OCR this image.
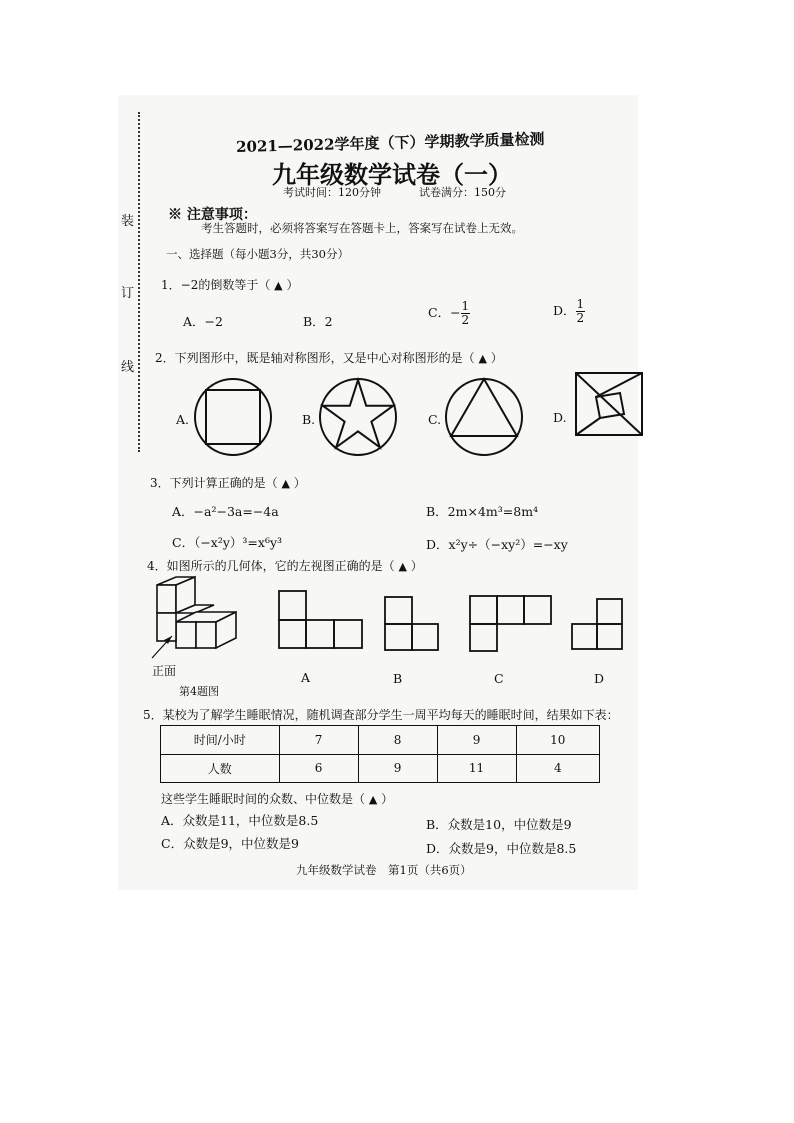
装
订
线
2021—2022学年度（下）学期教学质量检测
九年级数学试卷（一）
考试时间：120分钟	试卷满分：150分
※ 注意事项：
考生答题时，必须将答案写在答题卡上，答案写在试卷上无效。
一、选择题（每小题3分，共30分）
1．−2的倒数等于（ ▲ ）
A．−2	B．2
C．− $\frac{1}{2}$	D． $\frac{1}{2}$
2．下列图形中，既是轴对称图形，又是中心对称图形的是（ ▲ ）
A.	B.	C.	D.
3．下列计算正确的是（ ▲ ）
A．−a²−3a=−4a	B．2m×4m³=8m⁴
C．（−x²y）³=x⁶y³	D．x²y÷（−xy²）=−xy
4．如图所示的几何体，它的左视图正确的是（ ▲ ）
正面
第4题图
A	B	C	D
5．某校为了解学生睡眠情况，随机调查部分学生一周平均每天的睡眠时间，结果如下表：
时间/小时	7	8	9	10
人数	6	9	11	4
这些学生睡眠时间的众数、中位数是（ ▲ ）
A．众数是11，中位数是8.5	B．众数是10，中位数是9
C．众数是9，中位数是9	D．众数是9，中位数是8.5
九年级数学试卷　第1页（共6页）
